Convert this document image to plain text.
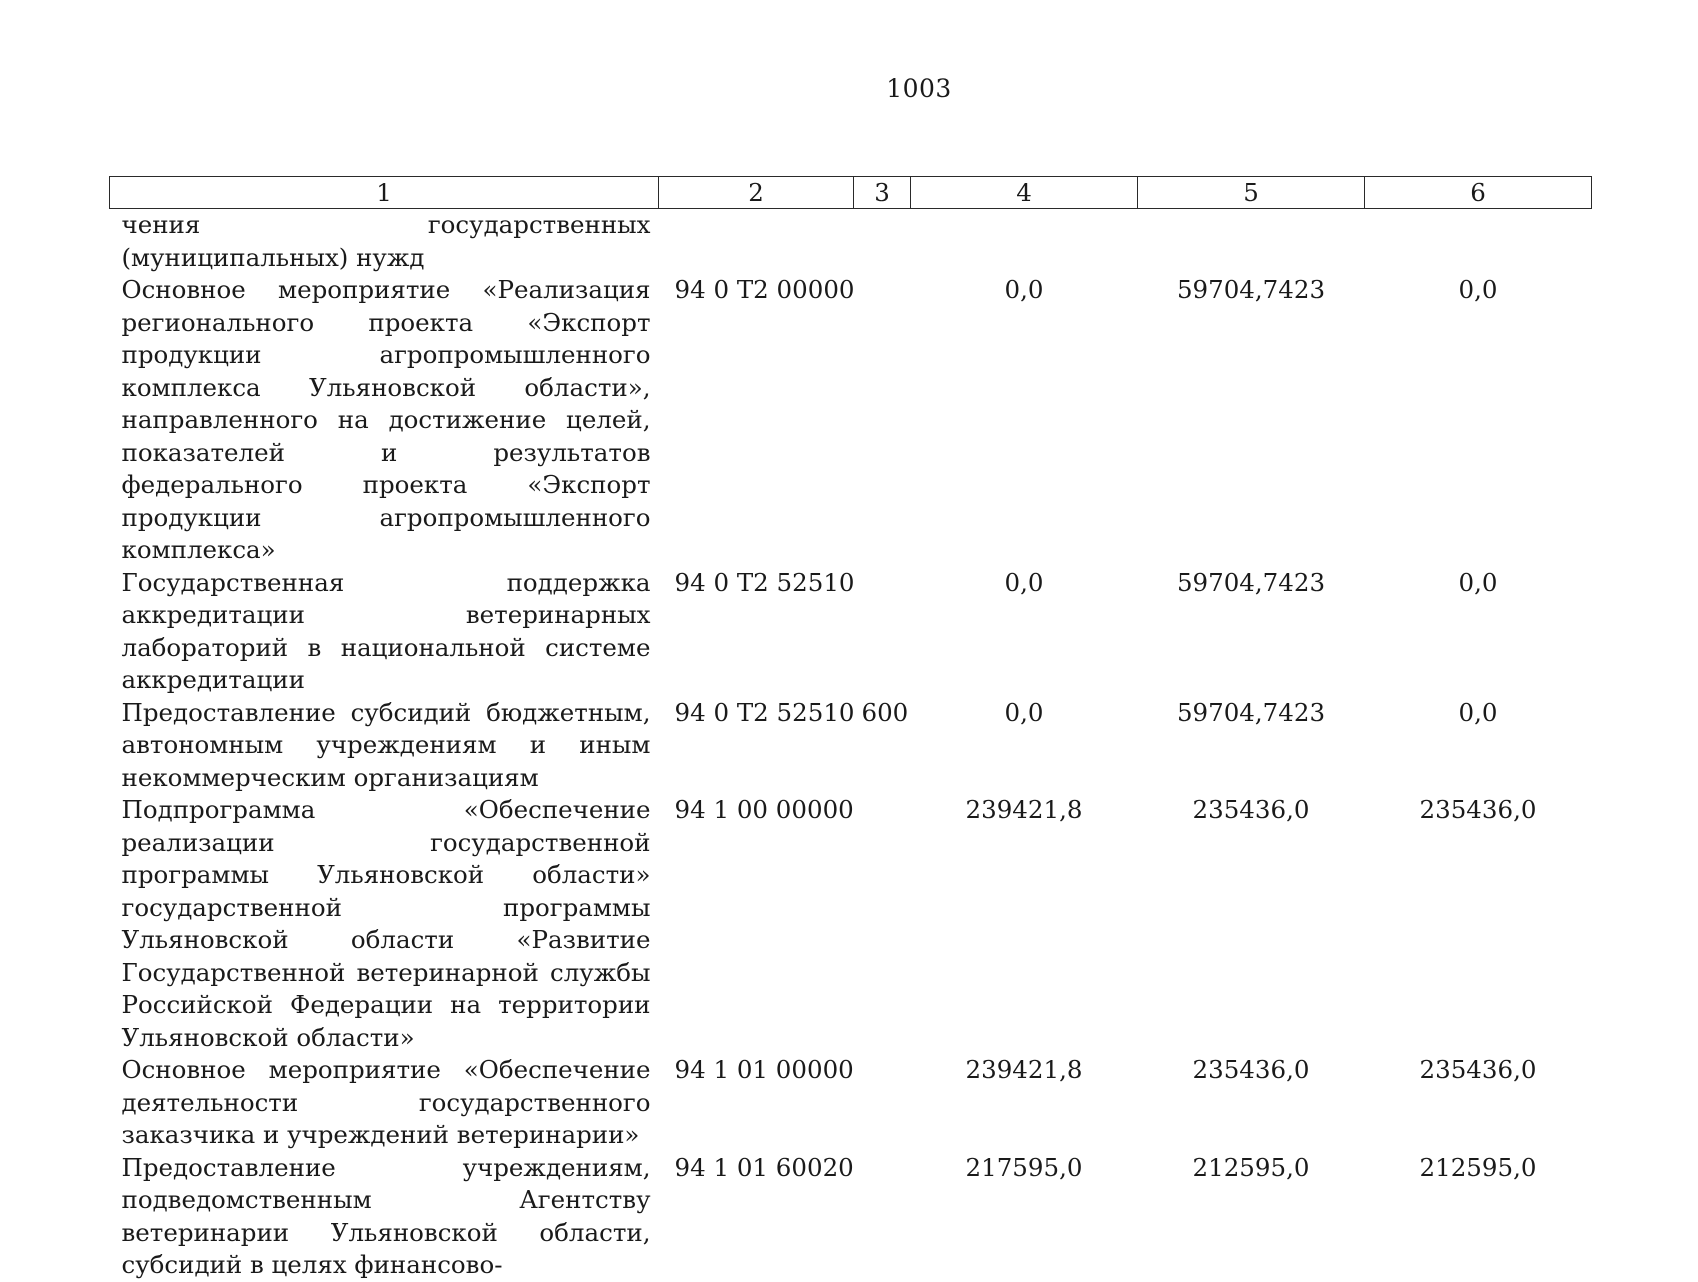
1003
1	2	3	4	5	6
чения государственных (муниципальных) нужд					
Основное мероприятие «Реализация регионального проекта «Экспорт продукции агропромышленного комплекса Ульяновской области», направленного на достижение целей, показателей и результатов федерального проекта «Экспорт продукции агропромышленного комплекса»	94 0 Т2 00000		0,0	59704,7423	0,0
Государственная поддержка аккредитации ветеринарных лабораторий в национальной системе аккредитации	94 0 Т2 52510		0,0	59704,7423	0,0
Предоставление субсидий бюджетным, автономным учреждениям и иным некоммерческим организациям	94 0 Т2 52510	600	0,0	59704,7423	0,0
Подпрограмма «Обеспечение реализации государственной программы Ульяновской области» государственной программы Ульяновской области «Развитие Государственной ветеринарной службы Российской Федерации на территории Ульяновской области»	94 1 00 00000		239421,8	235436,0	235436,0
Основное мероприятие «Обеспечение деятельности государственного заказчика и учреждений ветеринарии»	94 1 01 00000		239421,8	235436,0	235436,0
Предоставление учреждениям, подведомственным Агентству ветеринарии Ульяновской области, субсидий в целях финансово-	94 1 01 60020		217595,0	212595,0	212595,0
